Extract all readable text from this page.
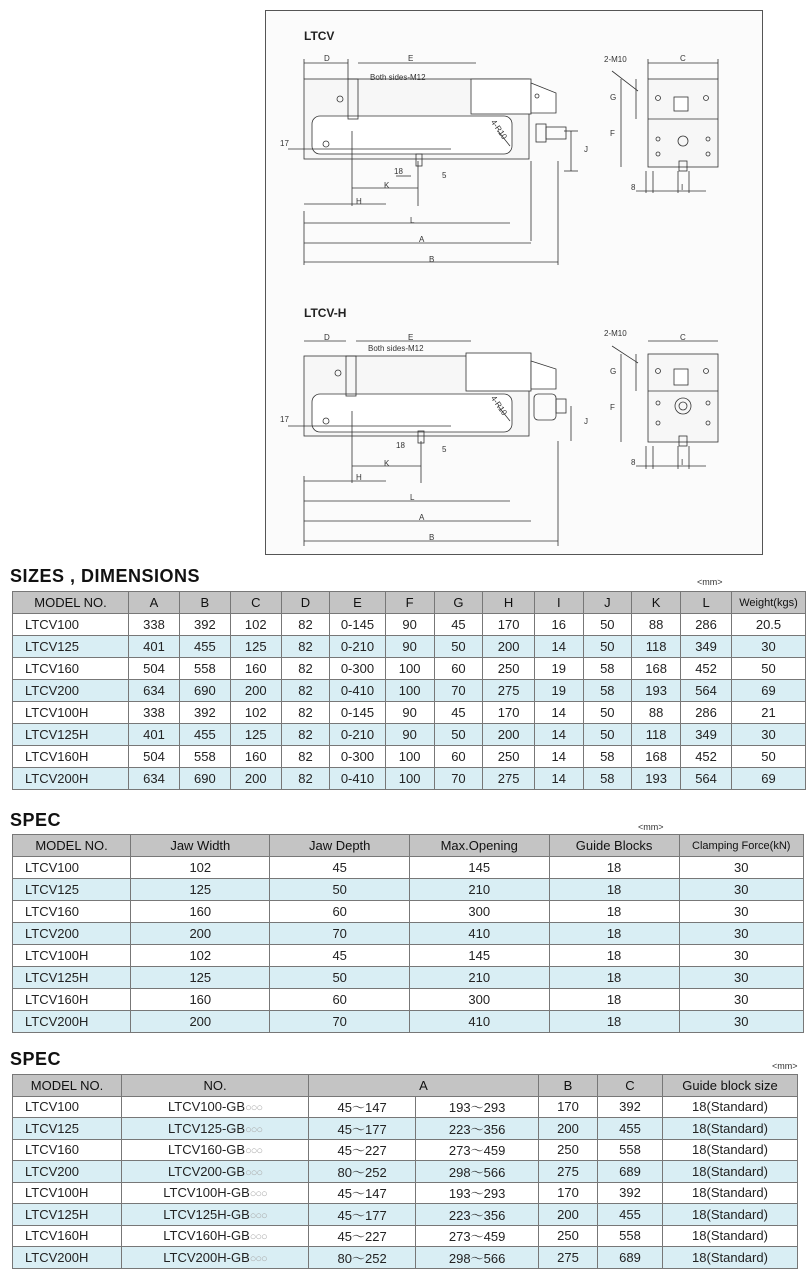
LTCV
LTCV-H
Both sides-M12
Both sides-M12
2-M10
2-M10
4-R10
4-R10
D	E	C
G
F
J
17
18	5
K
H
L
A
B
8	I
D	E	C
G
F
J
17
18	5
K
H
L
A
B
8	I
SIZES , DIMENSIONS	<mm>
MODEL NO.	A	B	C	D	E	F	G	H	I	J	K	L	Weight(kgs)
LTCV100	338	392	102	82	0-145	90	45	170	16	50	88	286	20.5
LTCV125	401	455	125	82	0-210	90	50	200	14	50	118	349	30
LTCV160	504	558	160	82	0-300	100	60	250	19	58	168	452	50
LTCV200	634	690	200	82	0-410	100	70	275	19	58	193	564	69
LTCV100H	338	392	102	82	0-145	90	45	170	14	50	88	286	21
LTCV125H	401	455	125	82	0-210	90	50	200	14	50	118	349	30
LTCV160H	504	558	160	82	0-300	100	60	250	14	58	168	452	50
LTCV200H	634	690	200	82	0-410	100	70	275	14	58	193	564	69
SPEC	<mm>
MODEL NO.	Jaw Width	Jaw Depth	Max.Opening	Guide Blocks	Clamping Force(kN)
LTCV100	102	45	145	18	30
LTCV125	125	50	210	18	30
LTCV160	160	60	300	18	30
LTCV200	200	70	410	18	30
LTCV100H	102	45	145	18	30
LTCV125H	125	50	210	18	30
LTCV160H	160	60	300	18	30
LTCV200H	200	70	410	18	30
SPEC	<mm>
MODEL NO.	NO.	A		B	C	Guide block size
LTCV100	LTCV100-GB○○○	45～147	193～293	170	392	18(Standard)
LTCV125	LTCV125-GB○○○	45～177	223～356	200	455	18(Standard)
LTCV160	LTCV160-GB○○○	45～227	273～459	250	558	18(Standard)
LTCV200	LTCV200-GB○○○	80～252	298～566	275	689	18(Standard)
LTCV100H	LTCV100H-GB○○○	45～147	193～293	170	392	18(Standard)
LTCV125H	LTCV125H-GB○○○	45～177	223～356	200	455	18(Standard)
LTCV160H	LTCV160H-GB○○○	45～227	273～459	250	558	18(Standard)
LTCV200H	LTCV200H-GB○○○	80～252	298～566	275	689	18(Standard)
